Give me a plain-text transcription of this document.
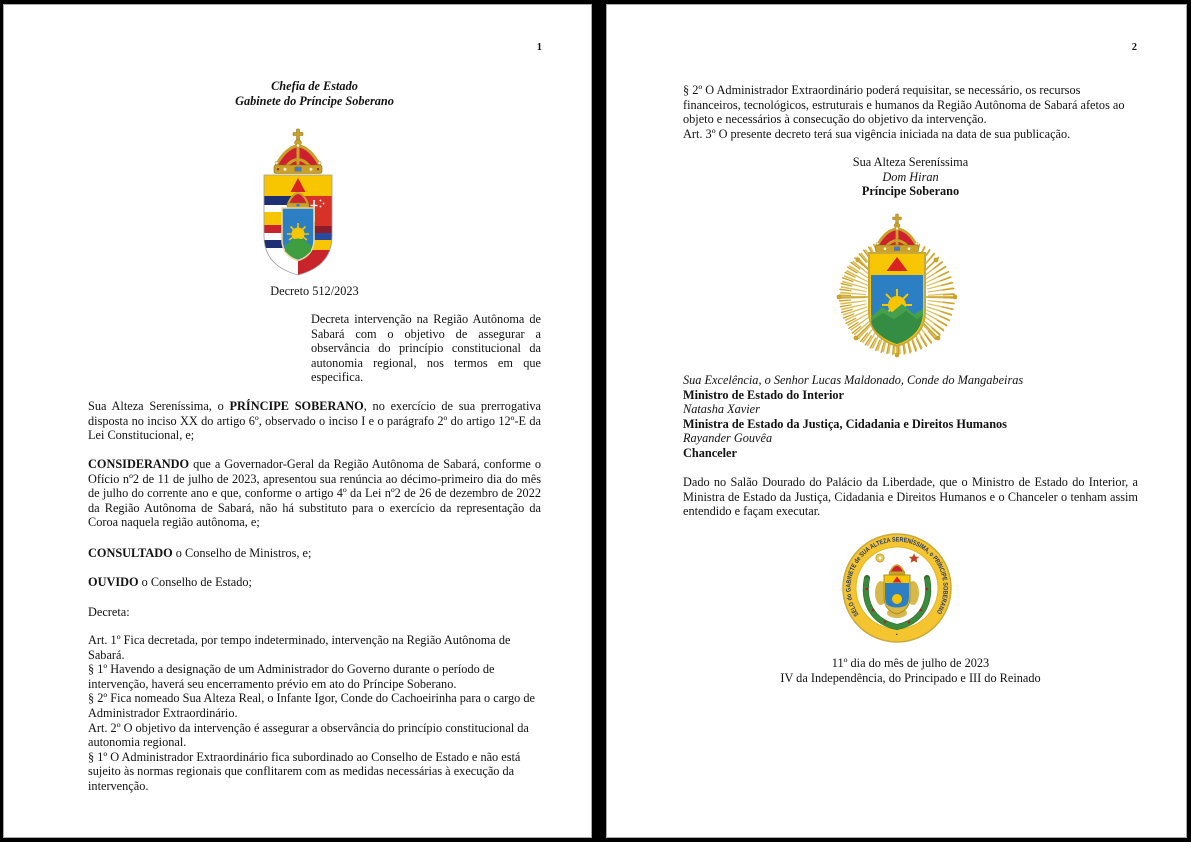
1

Chefia de Estado

Gabinete do Príncipe Soberano

Decreto 512/2023
Decreta intervenção na Região Autônoma de Sabará com o objetivo de assegurar a observância do princípio constitucional da autonomia regional, nos termos em que especifica.
Sua Alteza Sereníssima, o PRÍNCIPE SOBERANO, no exercício de sua prerrogativa disposta no inciso XX do artigo 6º, observado o inciso I e o parágrafo 2º do artigo 12º-E da Lei Constitucional, e;
CONSIDERANDO que a Governador-Geral da Região Autônoma de Sabará, conforme o Ofício nº2 de 11 de julho de 2023, apresentou sua renúncia ao décimo-primeiro dia do mês de julho do corrente ano e que, conforme o artigo 4º da Lei nº2 de 26 de dezembro de 2022 da Região Autônoma de Sabará, não há substituto para o exercício da representação da Coroa naquela região autônoma, e;
CONSULTADO o Conselho de Ministros, e;
OUVIDO o Conselho de Estado;
Decreta:

Art. 1º Fica decretada, por tempo indeterminado, intervenção na Região Autônoma de Sabará.

§ 1º Havendo a designação de um Administrador do Governo durante o período de intervenção, haverá seu encerramento prévio em ato do Príncipe Soberano.

§ 2º Fica nomeado Sua Alteza Real, o Infante Igor, Conde do Cachoeirinha para o cargo de Administrador Extraordinário.

Art. 2º O objetivo da intervenção é assegurar a observância do princípio constitucional da autonomia regional.

§ 1º O Administrador Extraordinário fica subordinado ao Conselho de Estado e não está sujeito às normas regionais que conflitarem com as medidas necessárias à execução da intervenção.

2

§ 2º O Administrador Extraordinário poderá requisitar, se necessário, os recursos financeiros, tecnológicos, estruturais e humanos da Região Autônoma de Sabará afetos ao objeto e necessários à consecução do objetivo da intervenção.

Art. 3º O presente decreto terá sua vigência iniciada na data de sua publicação.

Sua Alteza Sereníssima

Dom Hiran

Príncipe Soberano

Sua Excelência, o Senhor Lucas Maldonado, Conde do Mangabeiras

Ministro de Estado do Interior

Natasha Xavier

Ministra de Estado da Justiça, Cidadania e Direitos Humanos

Rayander Gouvêa

Chanceler

Dado no Salão Dourado do Palácio da Liberdade, que o Ministro de Estado do Interior, a Ministra de Estado da Justiça, Cidadania e Direitos Humanos e o Chanceler o tenham assim entendido e façam executar.
SELO do GABINETE de SUA ALTEZA SERENÍSSIMA, o PRÍNCIPE SOBERANO
·

11º dia do mês de julho de 2023

IV da Independência, do Principado e III do Reinado
